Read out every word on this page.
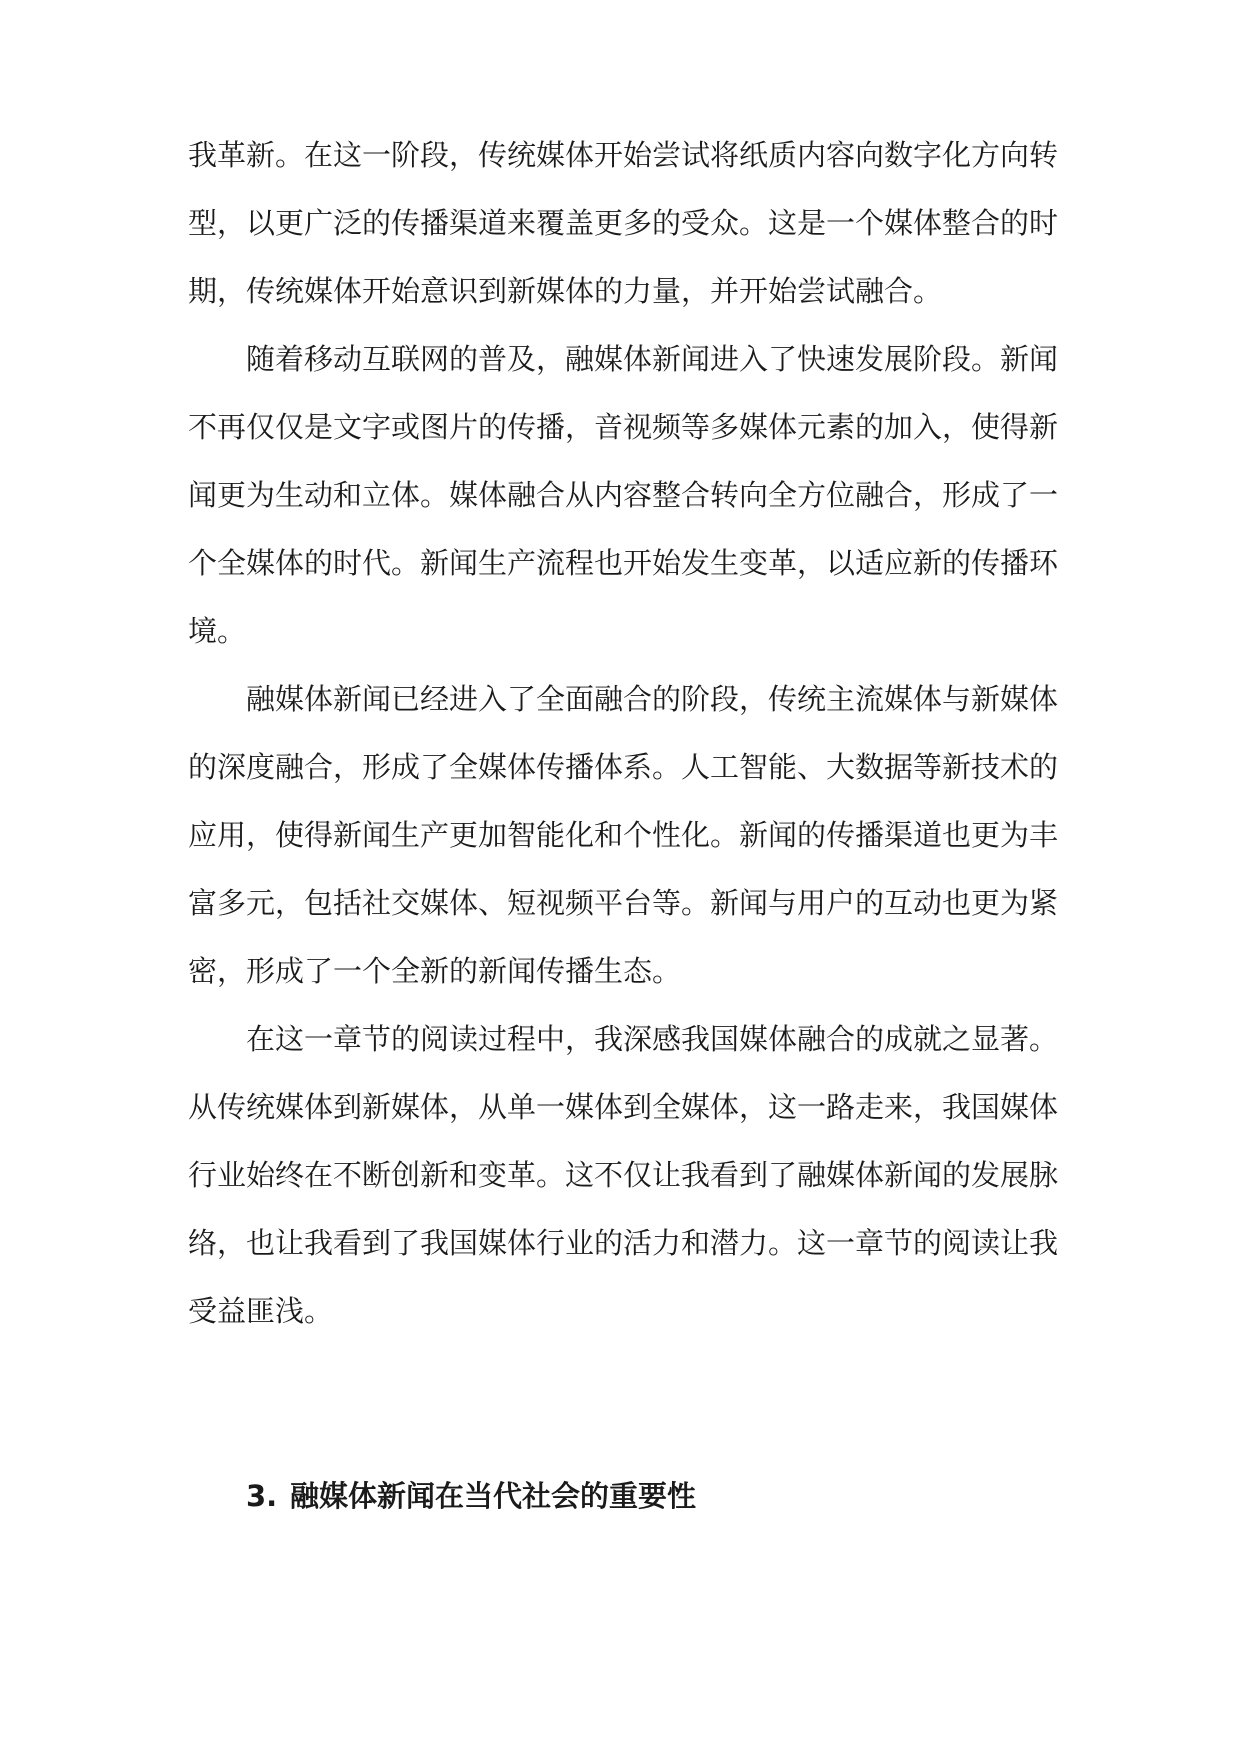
我革新。在这一阶段，传统媒体开始尝试将纸质内容向数字化方向转
型，以更广泛的传播渠道来覆盖更多的受众。这是一个媒体整合的时
期，传统媒体开始意识到新媒体的力量，并开始尝试融合。
随着移动互联网的普及，融媒体新闻进入了快速发展阶段。新闻
不再仅仅是文字或图片的传播，音视频等多媒体元素的加入，使得新
闻更为生动和立体。媒体融合从内容整合转向全方位融合，形成了一
个全媒体的时代。新闻生产流程也开始发生变革，以适应新的传播环
境。
融媒体新闻已经进入了全面融合的阶段，传统主流媒体与新媒体
的深度融合，形成了全媒体传播体系。人工智能、大数据等新技术的
应用，使得新闻生产更加智能化和个性化。新闻的传播渠道也更为丰
富多元，包括社交媒体、短视频平台等。新闻与用户的互动也更为紧
密，形成了一个全新的新闻传播生态。
在这一章节的阅读过程中，我深感我国媒体融合的成就之显著。
从传统媒体到新媒体，从单一媒体到全媒体，这一路走来，我国媒体
行业始终在不断创新和变革。这不仅让我看到了融媒体新闻的发展脉
络，也让我看到了我国媒体行业的活力和潜力。这一章节的阅读让我
受益匪浅。
3. 融媒体新闻在当代社会的重要性
